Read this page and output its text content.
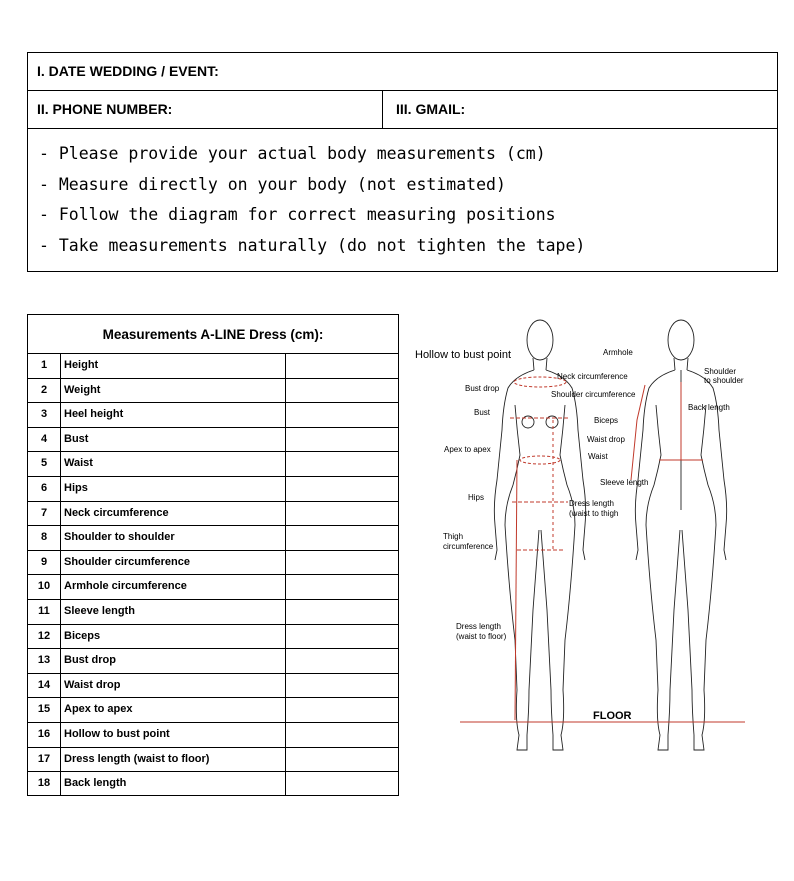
I. DATE WEDDING / EVENT:
II. PHONE NUMBER:	III. GMAIL:
- Please provide your actual body measurements (cm)
- Measure directly on your body (not estimated)
- Follow the diagram for correct measuring positions
- Take measurements naturally (do not tighten the tape)
Measurements A-LINE Dress (cm):
1	Height
2	Weight
3	Heel height
4	Bust
5	Waist
6	Hips
7	Neck circumference
8	Shoulder to shoulder
9	Shoulder circumference
10	Armhole circumference
11	Sleeve length
12	Biceps
13	Bust drop
14	Waist drop
15	Apex to apex
16	Hollow to bust point
17	Dress length (waist to floor)
18	Back length
Hollow to bust point	Armhole
Neck circumference
Shoulder
to shoulder
Bust drop
Shoulder circumference
Back length
Bust
Biceps
Waist drop
Apex to apex
Waist
Sleeve length
Hips
Dress length
(waist to thigh
Thigh
circumference
Dress length
(waist to floor)
FLOOR
